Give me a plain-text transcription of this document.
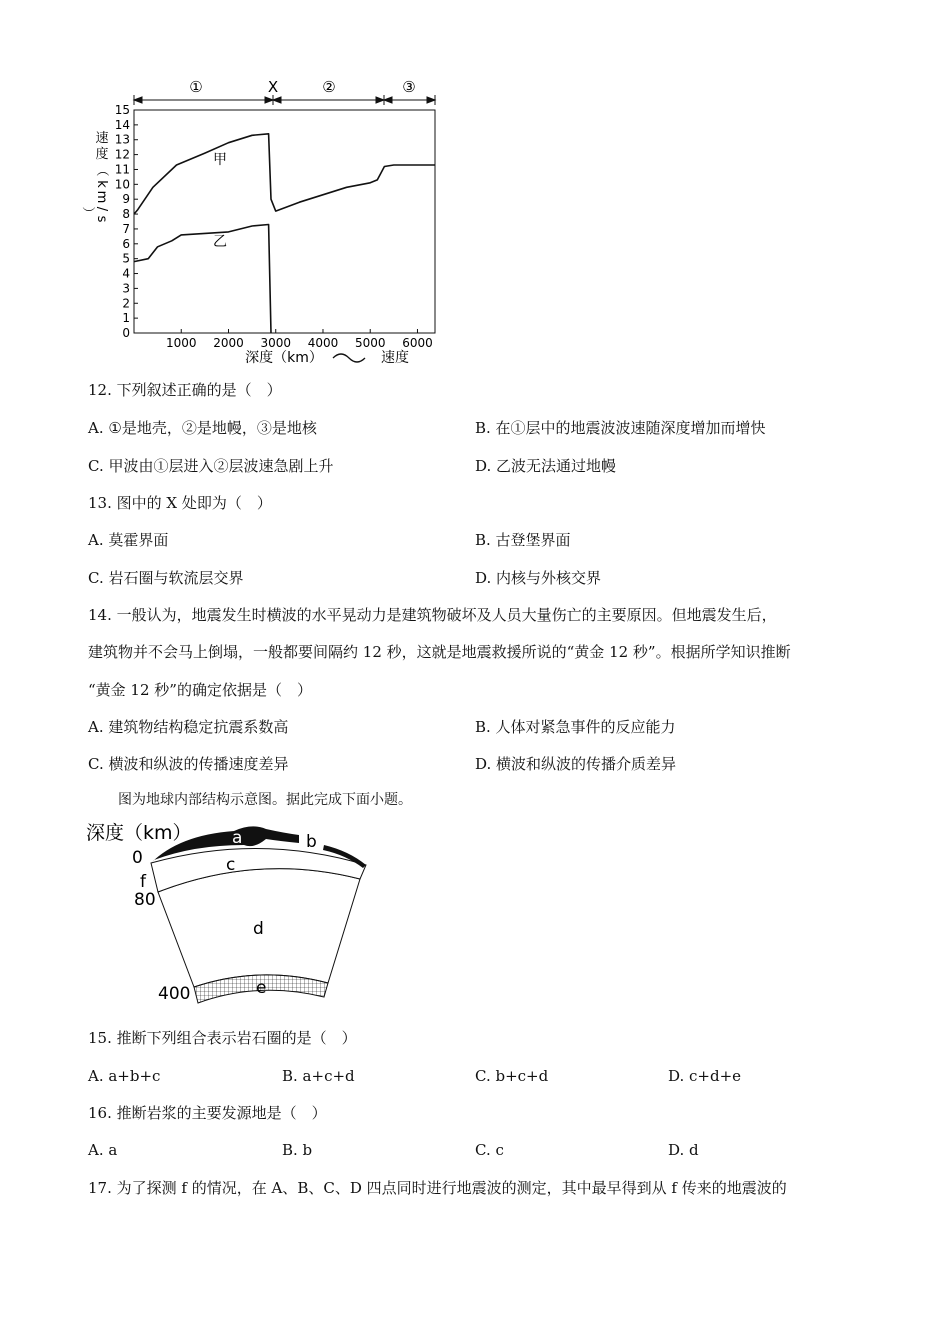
①	X	②	③
速
度
（
k
m
/
s
）
0
1
2
3
4
5
6
7
8
9
10
11
12
13
14
15
1000 2000 3000 4000 5000 6000
甲
乙
深度（km）	速度
12. 下列叙述正确的是（　）
A. ①是地壳，②是地幔，③是地核	B. 在①层中的地震波波速随深度增加而增快
C. 甲波由①层进入②层波速急剧上升	D. 乙波无法通过地幔
13. 图中的 X 处即为（　）
A. 莫霍界面	B. 古登堡界面
C. 岩石圈与软流层交界	D. 内核与外核交界
14. 一般认为，地震发生时横波的水平晃动力是建筑物破坏及人员大量伤亡的主要原因。但地震发生后，
建筑物并不会马上倒塌，一般都要间隔约 12 秒，这就是地震救援所说的“黄金 12 秒”。根据所学知识推断
“黄金 12 秒”的确定依据是（　）
A. 建筑物结构稳定抗震系数高	B. 人体对紧急事件的反应能力
C. 横波和纵波的传播速度差异	D. 横波和纵波的传播介质差异
图为地球内部结构示意图。据此完成下面小题。
深度（km） a	b
c
d
e
f
0
80
400
15. 推断下列组合表示岩石圈的是（　）
A. a+b+c	B. a+c+d	C. b+c+d	D. c+d+e
16. 推断岩浆的主要发源地是（　）
A. a	B. b	C. c	D. d
17. 为了探测 f 的情况，在 A、B、C、D 四点同时进行地震波的测定，其中最早得到从 f 传来的地震波的
